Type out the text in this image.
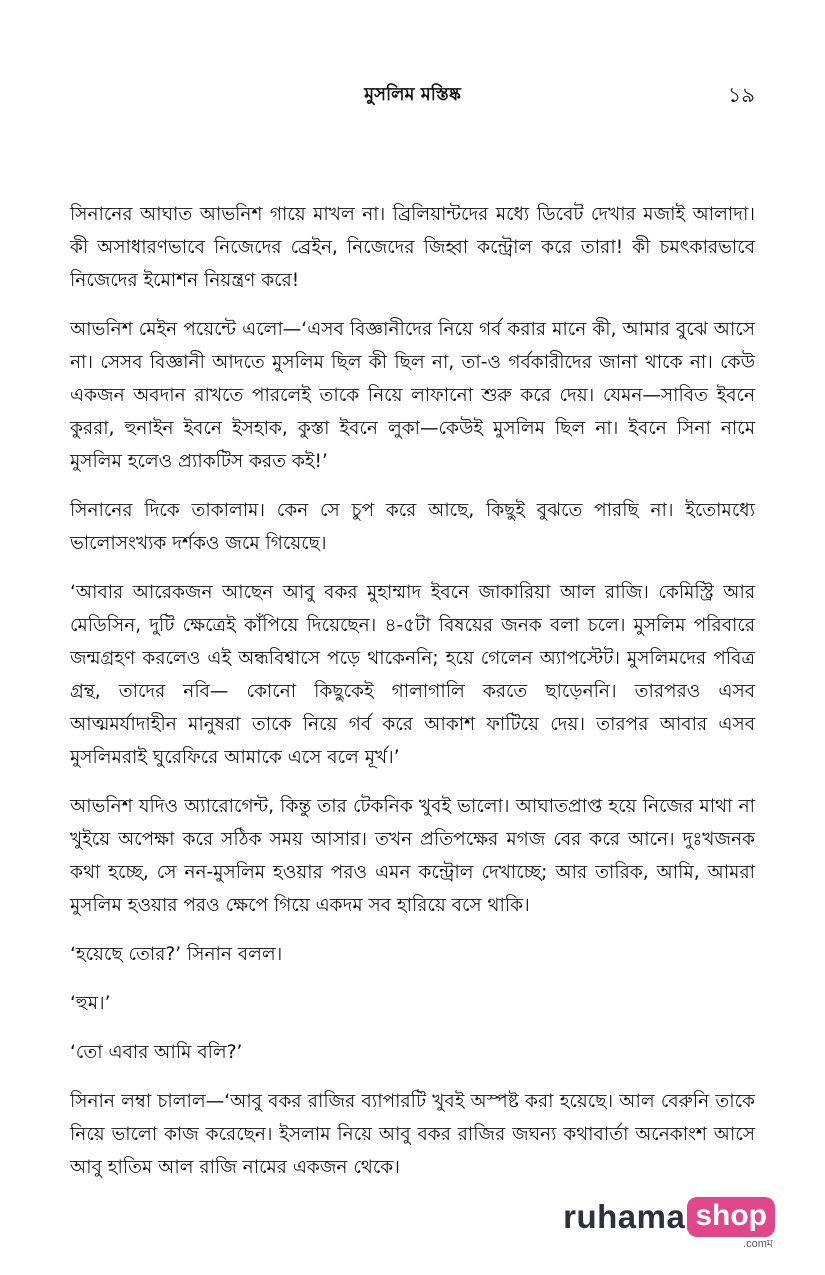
মুসলিম মস্তিষ্ক	১৯

সিনানের আঘাত আভনিশ গায়ে মাখল না। ব্রিলিয়ান্টদের মধ্যে ডিবেট দেখার মজাই আলাদা। কী অসাধারণভাবে নিজেদের ব্রেইন, নিজেদের জিহ্বা কন্ট্রোল করে তারা! কী চমৎকারভাবে নিজেদের ইমোশন নিয়ন্ত্রণ করে!

আভনিশ মেইন পয়েন্টে এলো—‘এসব বিজ্ঞানীদের নিয়ে গর্ব করার মানে কী, আমার বুঝে আসে না। সেসব বিজ্ঞানী আদতে মুসলিম ছিল কী ছিল না, তা-ও গর্বকারীদের জানা থাকে না। কেউ একজন অবদান রাখতে পারলেই তাকে নিয়ে লাফানো শুরু করে দেয়। যেমন—সাবিত ইবনে কুররা, হুনাইন ইবনে ইসহাক, কুস্তা ইবনে লুকা—কেউই মুসলিম ছিল না। ইবনে সিনা নামে মুসলিম হলেও প্র্যাকটিস করত কই!’

সিনানের দিকে তাকালাম। কেন সে চুপ করে আছে, কিছুই বুঝতে পারছি না। ইতোমধ্যে ভালোসংখ্যক দর্শকও জমে গিয়েছে।

‘আবার আরেকজন আছেন আবু বকর মুহাম্মাদ ইবনে জাকারিয়া আল রাজি। কেমিস্ট্রি আর মেডিসিন, দুটি ক্ষেত্রেই কাঁপিয়ে দিয়েছেন। ৪-৫টা বিষয়ের জনক বলা চলে। মুসলিম পরিবারে জন্মগ্রহণ করলেও এই অন্ধবিশ্বাসে পড়ে থাকেননি; হয়ে গেলেন অ্যাপস্টেট। মুসলিমদের পবিত্র গ্রন্থ, তাদের নবি— কোনো কিছুকেই গালাগালি করতে ছাড়েননি। তারপরও এসব আত্মমর্যাদাহীন মানুষরা তাকে নিয়ে গর্ব করে আকাশ ফাটিয়ে দেয়। তারপর আবার এসব মুসলিমরাই ঘুরেফিরে আমাকে এসে বলে মূর্খ।’

আভনিশ যদিও অ্যারোগেন্ট, কিন্তু তার টেকনিক খুবই ভালো। আঘাতপ্রাপ্ত হয়ে নিজের মাথা না খুইয়ে অপেক্ষা করে সঠিক সময় আসার। তখন প্রতিপক্ষের মগজ বের করে আনে। দুঃখজনক কথা হচ্ছে, সে নন-মুসলিম হওয়ার পরও এমন কন্ট্রোল দেখাচ্ছে; আর তারিক, আমি, আমরা মুসলিম হওয়ার পরও ক্ষেপে গিয়ে একদম সব হারিয়ে বসে থাকি।

‘হয়েছে তোর?’ সিনান বলল।

‘হুম।’

‘তো এবার আমি বলি?’

সিনান লম্বা চালাল—‘আবু বকর রাজির ব্যাপারটি খুবই অস্পষ্ট করা হয়েছে। আল বেরুনি তাকে নিয়ে ভালো কাজ করেছেন। ইসলাম নিয়ে আবু বকর রাজির জঘন্য কথাবার্তা অনেকাংশ আসে আবু হাতিম আল রাজি নামের একজন থেকে।

ruhama shop
.comম
